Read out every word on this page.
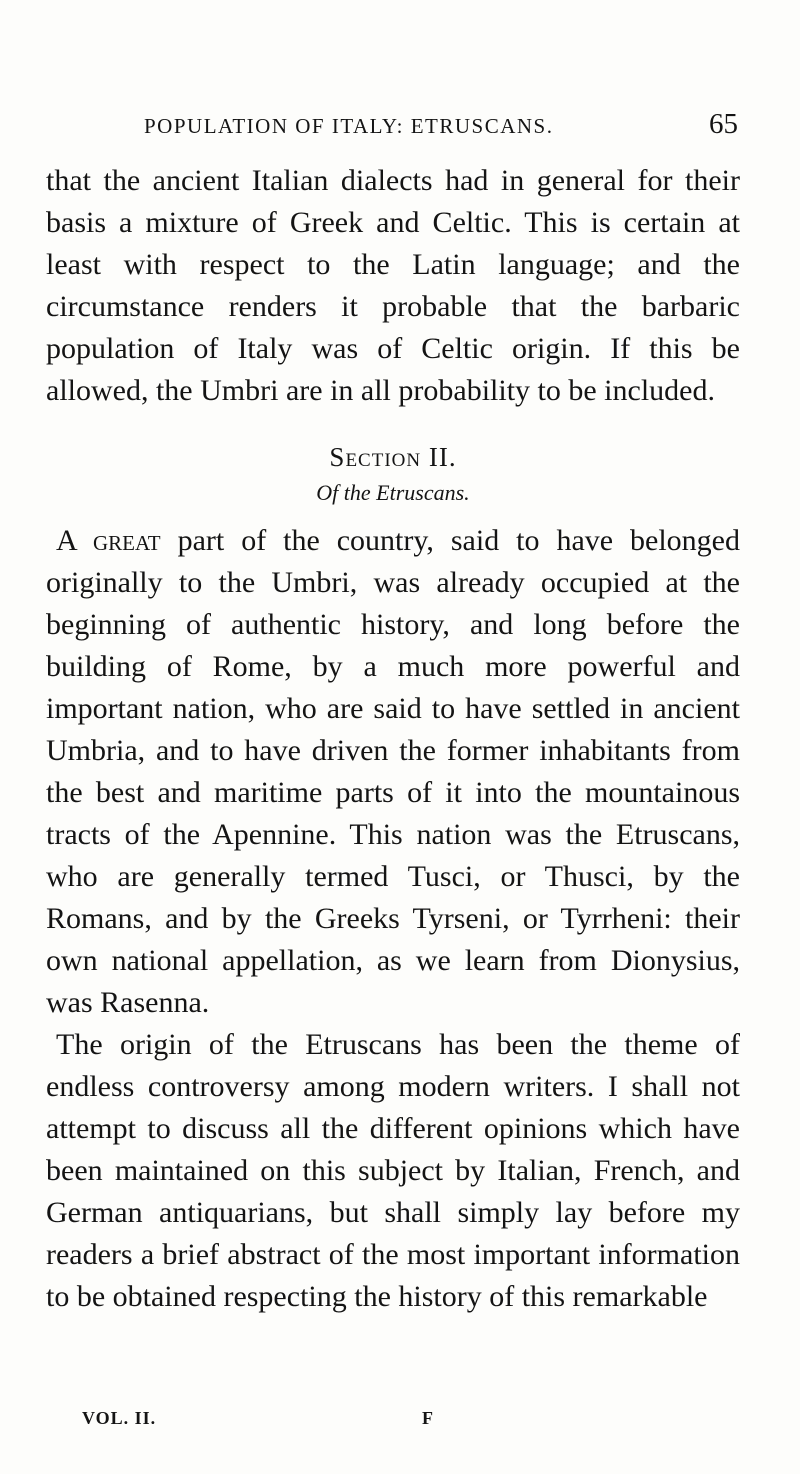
POPULATION OF ITALY: ETRUSCANS.	65

that the ancient Italian dialects had in general for their basis a mixture of Greek and Celtic. This is certain at least with respect to the Latin language; and the circumstance renders it probable that the barbaric population of Italy was of Celtic origin. If this be allowed, the Umbri are in all probability to be included.

Section II.
Of the Etruscans.

A great part of the country, said to have belonged originally to the Umbri, was already occupied at the beginning of authentic history, and long before the building of Rome, by a much more powerful and important nation, who are said to have settled in ancient Umbria, and to have driven the former inhabitants from the best and maritime parts of it into the mountainous tracts of the Apennine. This nation was the Etruscans, who are generally termed Tusci, or Thusci, by the Romans, and by the Greeks Tyrseni, or Tyrrheni: their own national appellation, as we learn from Dionysius, was Rasenna.

The origin of the Etruscans has been the theme of endless controversy among modern writers. I shall not attempt to discuss all the different opinions which have been maintained on this subject by Italian, French, and German antiquarians, but shall simply lay before my readers a brief abstract of the most important information to be obtained respecting the history of this remarkable

VOL. II.	F
